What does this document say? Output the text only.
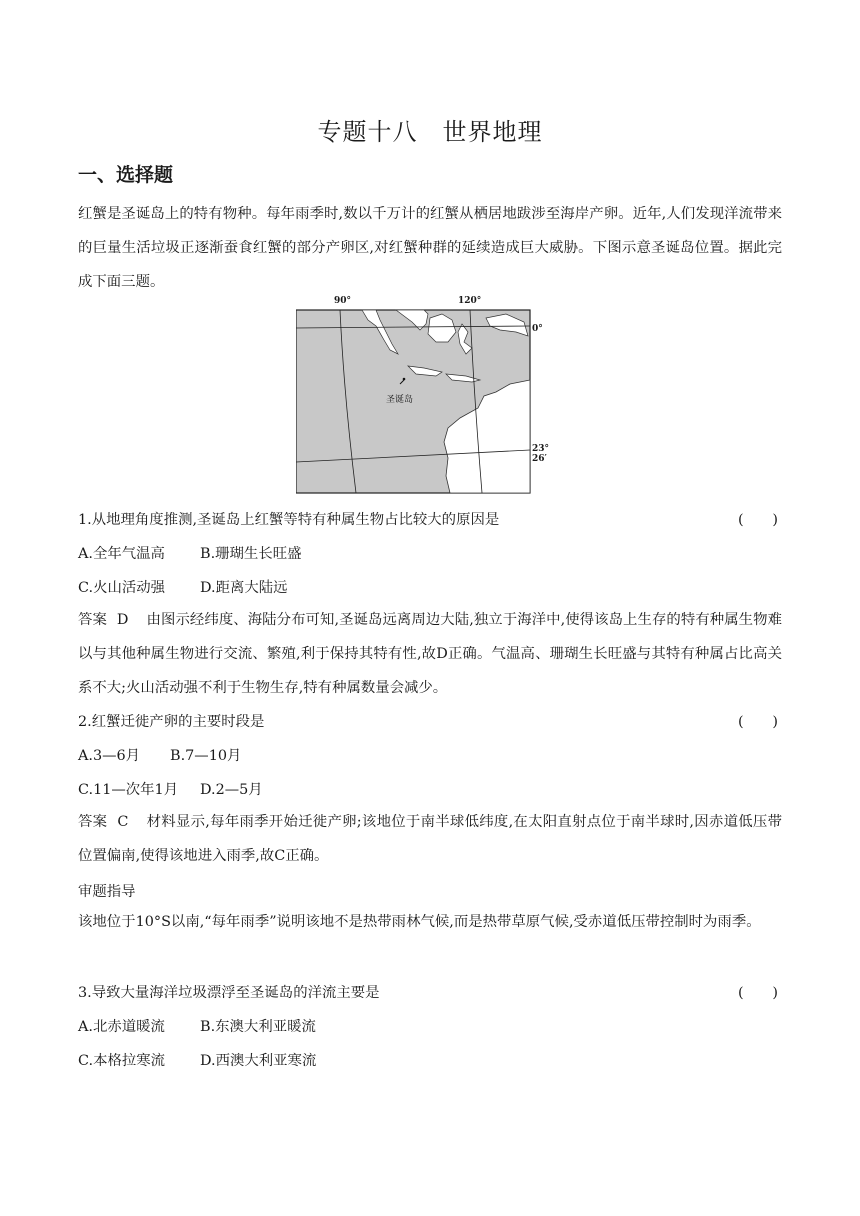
专题十八　世界地理
一、选择题
红蟹是圣诞岛上的特有物种。每年雨季时,数以千万计的红蟹从栖居地跋涉至海岸产卵。近年,人们发现洋流带来的巨量生活垃圾正逐渐蚕食红蟹的部分产卵区,对红蟹种群的延续造成巨大威胁。下图示意圣诞岛位置。据此完成下面三题。
90°	120°
0°
23° 26′
圣诞岛
1.从地理角度推测,圣诞岛上红蟹等特有种属生物占比较大的原因是	(　　)
A.全年气温高 B.珊瑚生长旺盛
C.火山活动强 D.距离大陆远
答案 D 由图示经纬度、海陆分布可知,圣诞岛远离周边大陆,独立于海洋中,使得该岛上生存的特有种属生物难以与其他种属生物进行交流、繁殖,利于保持其特有性,故D正确。气温高、珊瑚生长旺盛与其特有种属占比高关系不大;火山活动强不利于生物生存,特有种属数量会减少。
2.红蟹迁徙产卵的主要时段是	(　　)
A.3—6月 B.7—10月
C.11—次年1月 D.2—5月
答案 C 材料显示,每年雨季开始迁徙产卵;该地位于南半球低纬度,在太阳直射点位于南半球时,因赤道低压带位置偏南,使得该地进入雨季,故C正确。
审题指导
该地位于10°S以南,“每年雨季”说明该地不是热带雨林气候,而是热带草原气候,受赤道低压带控制时为雨季。
3.导致大量海洋垃圾漂浮至圣诞岛的洋流主要是	(　　)
A.北赤道暖流 B.东澳大利亚暖流
C.本格拉寒流 D.西澳大利亚寒流
